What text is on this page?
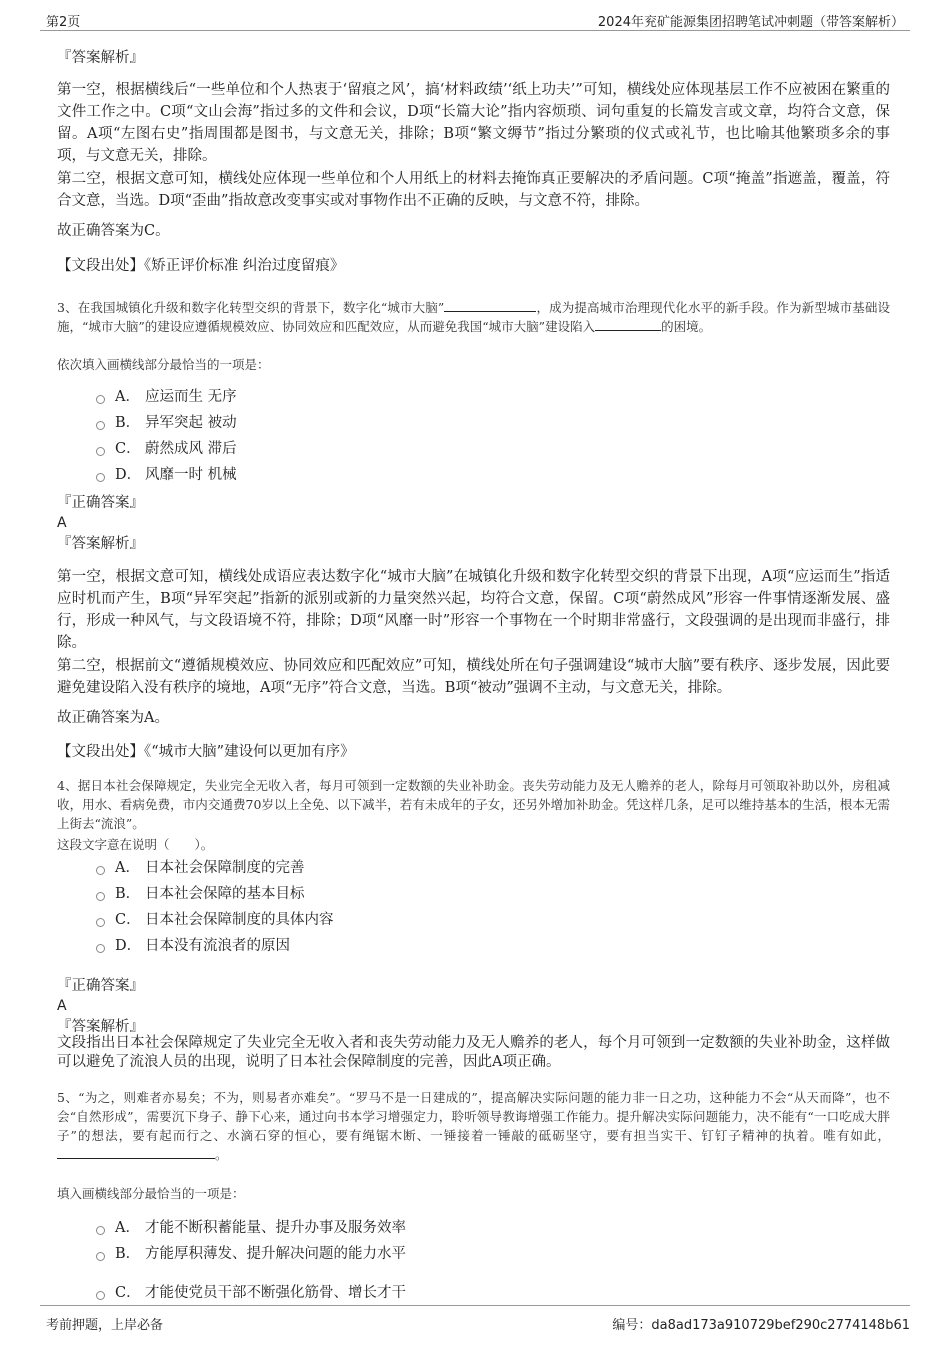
第2页	2024年兖矿能源集团招聘笔试冲刺题（带答案解析）
『答案解析』

第一空，根据横线后“一些单位和个人热衷于‘留痕之风’，搞‘材料政绩’‘纸上功夫’”可知，横线处应体现基层工作不应被困在繁重的文件工作之中。C项“文山会海”指过多的文件和会议，D项“长篇大论”指内容烦琐、词句重复的长篇发言或文章，均符合文意，保留。A项“左图右史”指周围都是图书，与文意无关，排除；B项“繁文缛节”指过分繁琐的仪式或礼节，也比喻其他繁琐多余的事项，与文意无关，排除。

第二空，根据文意可知，横线处应体现一些单位和个人用纸上的材料去掩饰真正要解决的矛盾问题。C项“掩盖”指遮盖，覆盖，符合文意，当选。D项“歪曲”指故意改变事实或对事物作出不正确的反映，与文意不符，排除。

故正确答案为C。
【文段出处】《矫正评价标准 纠治过度留痕》

3、在我国城镇化升级和数字化转型交织的背景下，数字化“城市大脑”	，成为提高城市治理现代化水平的新手段。作为新型城市基础设施，“城市大脑”的建设应遵循规模效应、协同效应和匹配效应，从而避免我国“城市大脑”建设陷入	的困境。

依次填入画横线部分最恰当的一项是：
A． 应运而生 无序
B． 异军突起 被动
C． 蔚然成风 滞后
D． 风靡一时 机械
『正确答案』
A
『答案解析』

第一空，根据文意可知，横线处成语应表达数字化“城市大脑”在城镇化升级和数字化转型交织的背景下出现，A项“应运而生”指适应时机而产生，B项“异军突起”指新的派别或新的力量突然兴起，均符合文意，保留。C项“蔚然成风”形容一件事情逐渐发展、盛行，形成一种风气，与文段语境不符，排除；D项“风靡一时”形容一个事物在一个时期非常盛行，文段强调的是出现而非盛行，排除。

第二空，根据前文“遵循规模效应、协同效应和匹配效应”可知，横线处所在句子强调建设“城市大脑”要有秩序、逐步发展，因此要避免建设陷入没有秩序的境地，A项“无序”符合文意，当选。B项“被动”强调不主动，与文意无关，排除。

故正确答案为A。
【文段出处】《“城市大脑”建设何以更加有序》

4、据日本社会保障规定，失业完全无收入者，每月可领到一定数额的失业补助金。丧失劳动能力及无人赡养的老人，除每月可领取补助以外，房租减收，用水、看病免费，市内交通费70岁以上全免、以下减半，若有未成年的子女，还另外增加补助金。凭这样几条，足可以维持基本的生活，根本无需上街去“流浪”。

这段文字意在说明（　　）。
A． 日本社会保障制度的完善
B． 日本社会保障的基本目标
C． 日本社会保障制度的具体内容
D． 日本没有流浪者的原因
『正确答案』
A
『答案解析』

文段指出日本社会保障规定了失业完全无收入者和丧失劳动能力及无人赡养的老人，每个月可领到一定数额的失业补助金，这样做可以避免了流浪人员的出现，说明了日本社会保障制度的完善，因此A项正确。

5、“为之，则难者亦易矣；不为，则易者亦难矣”。“罗马不是一日建成的”，提高解决实际问题的能力非一日之功，这种能力不会“从天而降”，也不会“自然形成”，需要沉下身子、静下心来，通过向书本学习增强定力，聆听领导教诲增强工作能力。提升解决实际问题能力，决不能有“一口吃成大胖子”的想法，要有起而行之、水滴石穿的恒心，要有绳锯木断、一锤接着一锤敲的砥砺坚守，要有担当实干、钉钉子精神的执着。唯有如此，。

填入画横线部分最恰当的一项是：
A． 才能不断积蓄能量、提升办事及服务效率
B． 方能厚积薄发、提升解决问题的能力水平
C． 才能使党员干部不断强化筋骨、增长才干
考前押题，上岸必备	编号：da8ad173a910729bef290c2774148b61
